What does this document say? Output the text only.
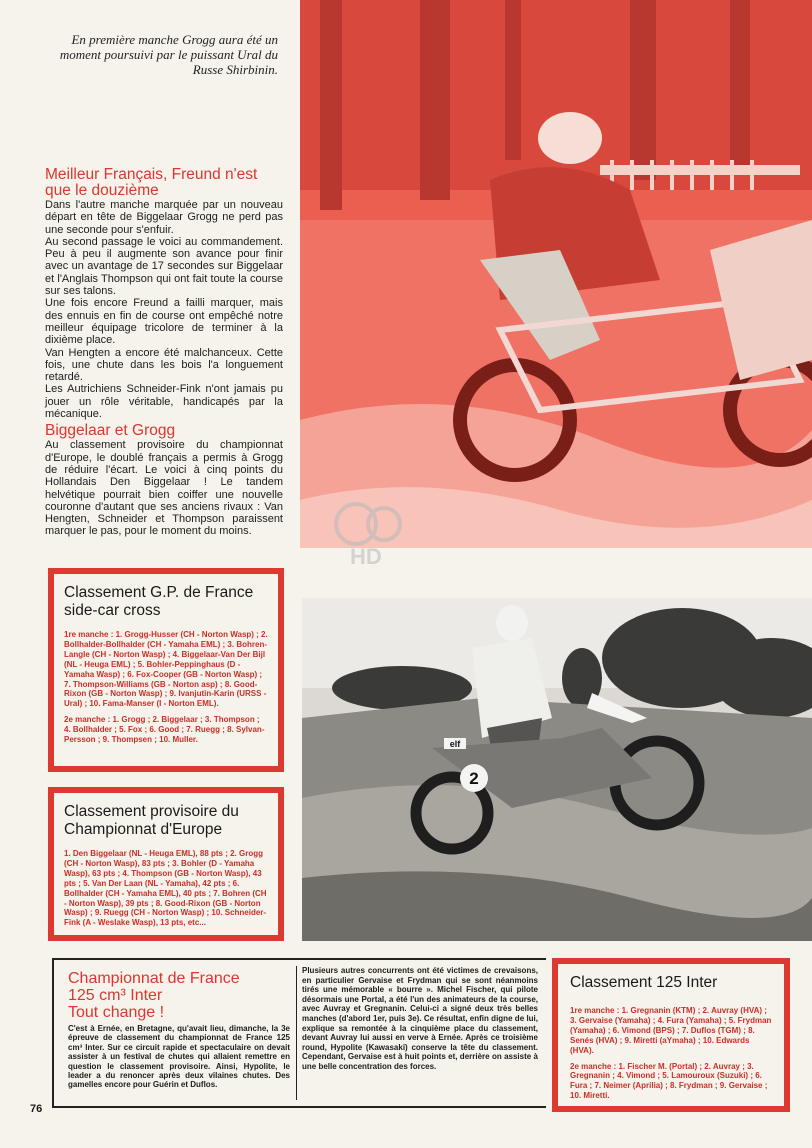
En première manche Grogg aura été un moment poursuivi par le puissant Ural du Russe Shirbinin.
Meilleur Français, Freund n'est que le douzième
Dans l'autre manche marquée par un nouveau départ en tête de Biggelaar Grogg ne perd pas une seconde pour s'enfuir.
Au second passage le voici au commandement. Peu à peu il augmente son avance pour finir avec un avantage de 17 secondes sur Biggelaar et l'Anglais Thompson qui ont fait toute la course sur ses talons.
Une fois encore Freund a failli marquer, mais des ennuis en fin de course ont empêché notre meilleur équipage tricolore de terminer à la dixième place.
Van Hengten a encore été malchanceux. Cette fois, une chute dans les bois l'a longuement retardé.
Les Autrichiens Schneider-Fink n'ont jamais pu jouer un rôle véritable, handicapés par la mécanique.
Biggelaar et Grogg
Au classement provisoire du championnat d'Europe, le doublé français a permis à Grogg de réduire l'écart. Le voici à cinq points du Hollandais Den Biggelaar ! Le tandem helvétique pourrait bien coiffer une nouvelle couronne d'autant que ses anciens rivaux : Van Hengten, Schneider et Thompson paraissent marquer le pas, pour le moment du moins.
HD
Classement G.P. de France side-car cross

1re manche : 1. Grogg-Husser (CH - Norton Wasp) ; 2. Bollhalder-Bollhalder (CH - Yamaha EML) ; 3. Bohren-Langle (CH - Norton Wasp) ; 4. Biggelaar-Van Der Bijl (NL - Heuga EML) ; 5. Bohler-Peppinghaus (D - Yamaha Wasp) ; 6. Fox-Cooper (GB - Norton Wasp) ; 7. Thompson-Williams (GB - Norton asp) ; 8. Good-Rixon (GB - Norton Wasp) ; 9. Ivanjutin-Karin (URSS - Ural) ; 10. Fama-Manser (I - Norton EML).

2e manche : 1. Grogg ; 2. Biggelaar ; 3. Thompson ; 4. Bollhalder ; 5. Fox ; 6. Good ; 7. Ruegg ; 8. Sylvan-Persson ; 9. Thompsen ; 10. Muller.

Classement provisoire du Championnat d'Europe
1. Den Biggelaar (NL - Heuga EML), 88 pts ; 2. Grogg (CH - Norton Wasp), 83 pts ; 3. Bohler (D - Yamaha Wasp), 63 pts ; 4. Thompson (GB - Norton Wasp), 43 pts ; 5. Van Der Laan (NL - Yamaha), 42 pts ; 6. Bollhalder (CH - Yamaha EML), 40 pts ; 7. Bohren (CH - Norton Wasp), 39 pts ; 8. Good-Rixon (GB - Norton Wasp) ; 9. Ruegg (CH - Norton Wasp) ; 10. Schneider-Fink (A - Weslake Wasp), 13 pts, etc...
2
elf
Championnat de France 125 cm³ Inter
Tout change !
C'est à Ernée, en Bretagne, qu'avait lieu, dimanche, la 3e épreuve de classement du championnat de France 125 cm³ Inter. Sur ce circuit rapide et spectaculaire on devait assister à un festival de chutes qui allaient remettre en question le classement provisoire. Ainsi, Hypolite, le leader a du renoncer après deux vilaines chutes. Des gamelles encore pour Guérin et Duflos.
Plusieurs autres concurrents ont été victimes de crevaisons, en particulier Gervaise et Frydman qui se sont néanmoins tirés une mémorable « bourre ». Michel Fischer, qui pilote désormais une Portal, a été l'un des animateurs de la course, avec Auvray et Gregnanin. Celui-ci a signé deux très belles manches (d'abord 1er, puis 3e). Ce résultat, enfin digne de lui, explique sa remontée à la cinquième place du classement, devant Auvray lui aussi en verve à Ernée. Après ce troisième round, Hypolite (Kawasaki) conserve la tête du classement. Cependant, Gervaise est à huit points et, derrière on assiste à une belle concentration des forces.
Classement 125 Inter

1re manche : 1. Gregnanin (KTM) ; 2. Auvray (HVA) ; 3. Gervaise (Yamaha) ; 4. Fura (Yamaha) ; 5. Frydman (Yamaha) ; 6. Vimond (BPS) ; 7. Duflos (TGM) ; 8. Senés (HVA) ; 9. Miretti (aYmaha) ; 10. Edwards (HVA).

2e manche : 1. Fischer M. (Portal) ; 2. Auvray ; 3. Gregnanin ; 4. Vimond ; 5. Lamouroux (Suzuki) ; 6. Fura ; 7. Neimer (Aprilia) ; 8. Frydman ; 9. Gervaise ; 10. Miretti.

76
